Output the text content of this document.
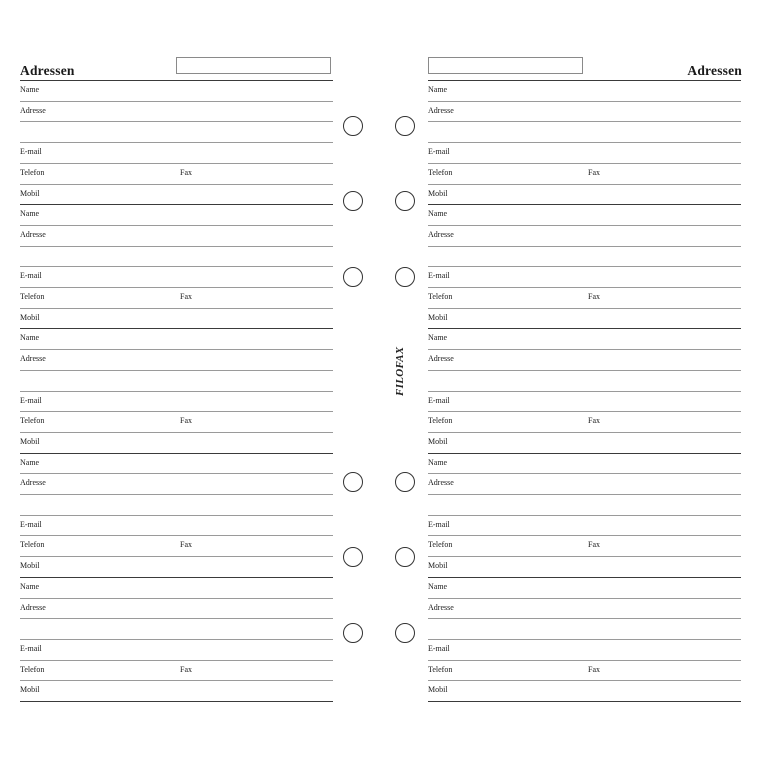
Adressen
Name
Adresse
E-mail
Telefon	Fax
Mobil
Name
Adresse
E-mail
Telefon	Fax
Mobil
Name
Adresse
E-mail
Telefon	Fax
Mobil
Name
Adresse
E-mail
Telefon	Fax
Mobil
Name
Adresse
E-mail
Telefon	Fax
Mobil
Adressen
Name
Adresse
E-mail
Telefon	Fax
Mobil
Name
Adresse
E-mail
Telefon	Fax
Mobil
Name
Adresse
E-mail
Telefon	Fax
Mobil
Name
Adresse
E-mail
Telefon	Fax
Mobil
Name
Adresse
E-mail
Telefon	Fax
Mobil
FILOFAX
